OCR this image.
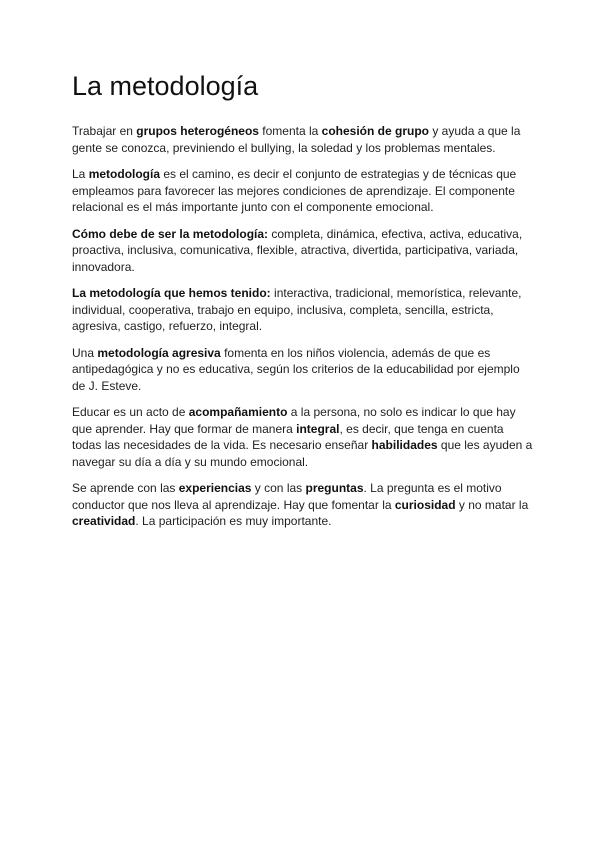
La metodología

Trabajar en grupos heterogéneos fomenta la cohesión de grupo y ayuda a que la gente se conozca, previniendo el bullying, la soledad y los problemas mentales.

La metodología es el camino, es decir el conjunto de estrategias y de técnicas que empleamos para favorecer las mejores condiciones de aprendizaje. El componente relacional es el más importante junto con el componente emocional.

Cómo debe de ser la metodología: completa, dinámica, efectiva, activa, educativa, proactiva, inclusiva, comunicativa, flexible, atractiva, divertida, participativa, variada, innovadora.

La metodología que hemos tenido: interactiva, tradicional, memorística, relevante, individual, cooperativa, trabajo en equipo, inclusiva, completa, sencilla, estricta, agresiva, castigo, refuerzo, integral.

Una metodología agresiva fomenta en los niños violencia, además de que es antipedagógica y no es educativa, según los criterios de la educabilidad por ejemplo de J. Esteve.

Educar es un acto de acompañamiento a la persona, no solo es indicar lo que hay que aprender. Hay que formar de manera integral, es decir, que tenga en cuenta todas las necesidades de la vida. Es necesario enseñar habilidades que les ayuden a navegar su día a día y su mundo emocional.

Se aprende con las experiencias y con las preguntas. La pregunta es el motivo conductor que nos lleva al aprendizaje. Hay que fomentar la curiosidad y no matar la creatividad. La participación es muy importante.
